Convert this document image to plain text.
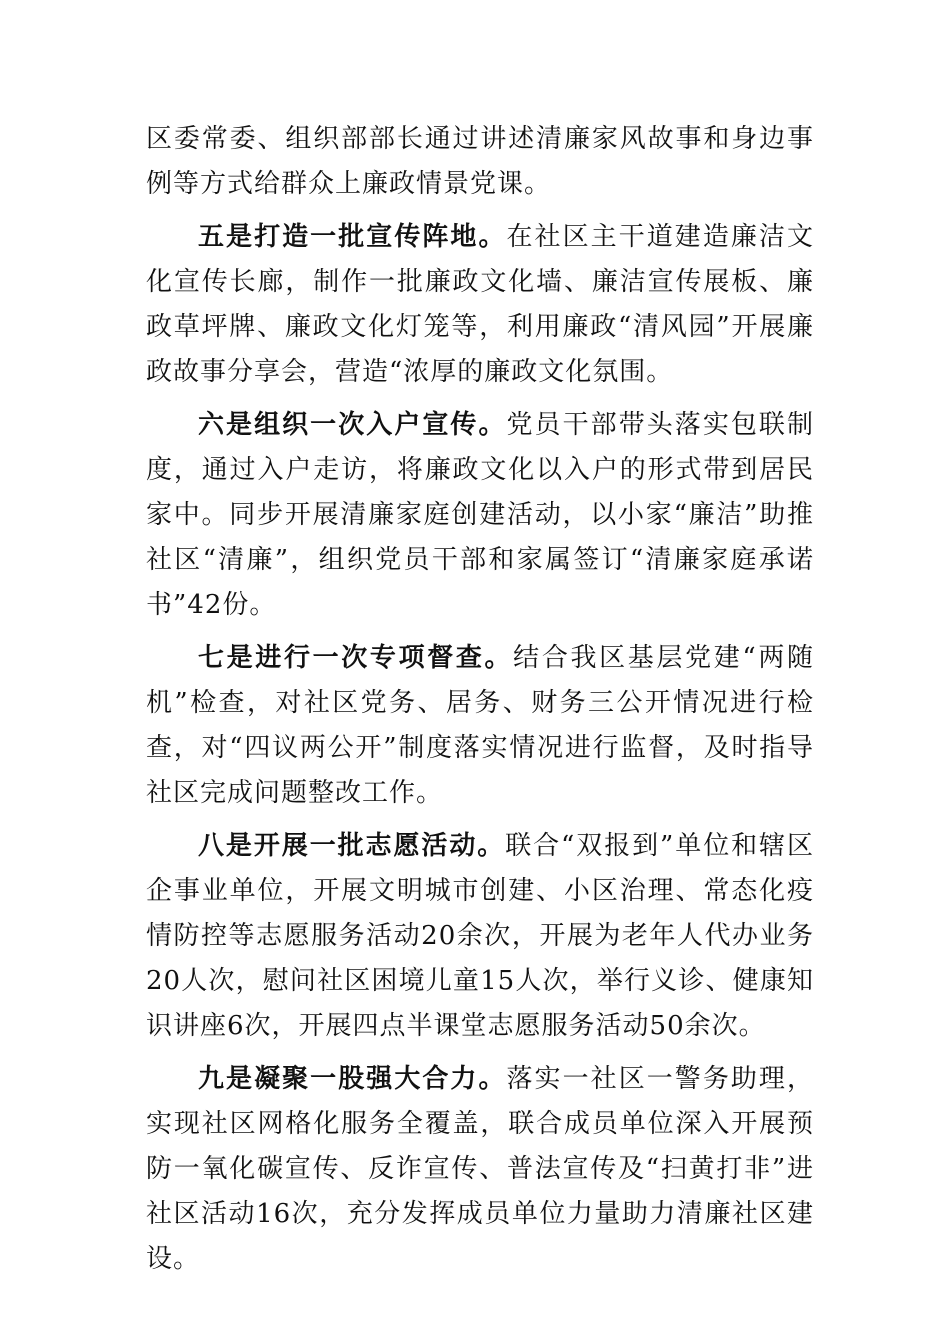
区委常委、组织部部长通过讲述清廉家风故事和身边事例等方式给群众上廉政情景党课。

五是打造一批宣传阵地。在社区主干道建造廉洁文化宣传长廊，制作一批廉政文化墙、廉洁宣传展板、廉政草坪牌、廉政文化灯笼等，利用廉政“清风园”开展廉政故事分享会，营造“浓厚的廉政文化氛围。

六是组织一次入户宣传。党员干部带头落实包联制度，通过入户走访，将廉政文化以入户的形式带到居民家中。同步开展清廉家庭创建活动，以小家“廉洁”助推社区“清廉”，组织党员干部和家属签订“清廉家庭承诺书”42份。

七是进行一次专项督查。结合我区基层党建“两随机”检查，对社区党务、居务、财务三公开情况进行检查，对“四议两公开”制度落实情况进行监督，及时指导社区完成问题整改工作。

八是开展一批志愿活动。联合“双报到”单位和辖区企事业单位，开展文明城市创建、小区治理、常态化疫情防控等志愿服务活动20余次，开展为老年人代办业务20人次，慰问社区困境儿童15人次，举行义诊、健康知识讲座6次，开展四点半课堂志愿服务活动50余次。

九是凝聚一股强大合力。落实一社区一警务助理，实现社区网格化服务全覆盖，联合成员单位深入开展预防一氧化碳宣传、反诈宣传、普法宣传及“扫黄打非”进社区活动16次，充分发挥成员单位力量助力清廉社区建设。
